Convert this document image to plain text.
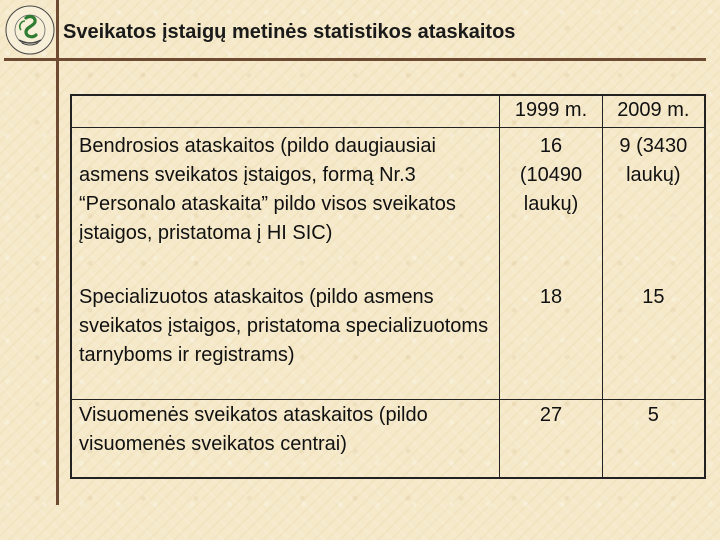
Sveikatos įstaigų metinės statistikos ataskaitos
	1999 m.	2009 m.
Bendrosios ataskaitos (pildo daugiausiai asmens sveikatos įstaigos, formą Nr.3 “Personalo ataskaita” pildo visos sveikatos įstaigos, pristatoma į HI SIC)	16 (10490 laukų)	9 (3430 laukų)
Specializuotos ataskaitos (pildo asmens sveikatos įstaigos, pristatoma specializuotoms tarnyboms ir registrams)	18	15
Visuomenės sveikatos ataskaitos (pildo visuomenės sveikatos centrai)	27	5
